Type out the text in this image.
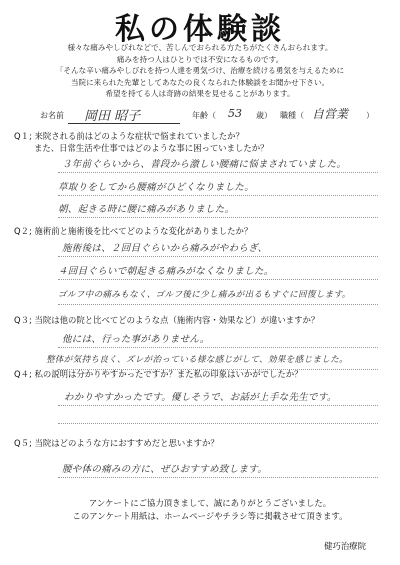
私の体験談
様々な痛みやしびれなどで、苦しんでおられる方たちがたくさんおられます。
痛みを持つ人はひとりでは不安になるものです。
「そんな辛い痛みやしびれを持つ人達を勇気づけ、治療を続ける勇気を与えるために
当院に来られた先輩としてあなたの良くなられた体験談をお聞かせ下さい。
希望を持てる人は奇跡の結果を見せることがあります。
お名前 岡田 昭子	年齢（ 53 歳） 職種（ 自営業 ）
Q１; 来院される前はどのような症状で悩まれていましたか？
また、日常生活や仕事ではどのような事に困っていましたか？
３年前ぐらいから、普段から激しい腰痛に悩まされていました。
草取りをしてから腰痛がひどくなりました。
朝、起きる時に腰に痛みがありました。
Q２; 施術前と施術後を比べてどのような変化がありましたか？
施術後は、２回目ぐらいから痛みがやわらぎ、
４回目ぐらいで朝起きる痛みがなくなりました。
ゴルフ中の痛みもなく、ゴルフ後に少し痛みが出るもすぐに回復します。
Q３; 当院は他の院と比べてどのような点（施術内容・効果など）が違いますか？
他には、行った事がありません。
整体が気持ち良く、ズレが治っている様な感じがして、効果を感じました。
Q４; 私の説明は分かりやすかったですか？また私の印象はいかがでしたか？
わかりやすかったです。優しそうで、お話が上手な先生です。
Q５; 当院はどのような方におすすめだと思いますか？
腰や体の痛みの方に、ぜひおすすめ致します。
アンケートにご協力頂きまして、誠にありがとうございました。
このアンケート用紙は、ホームページやチラシ等に掲載させて頂きます。
健巧治療院
